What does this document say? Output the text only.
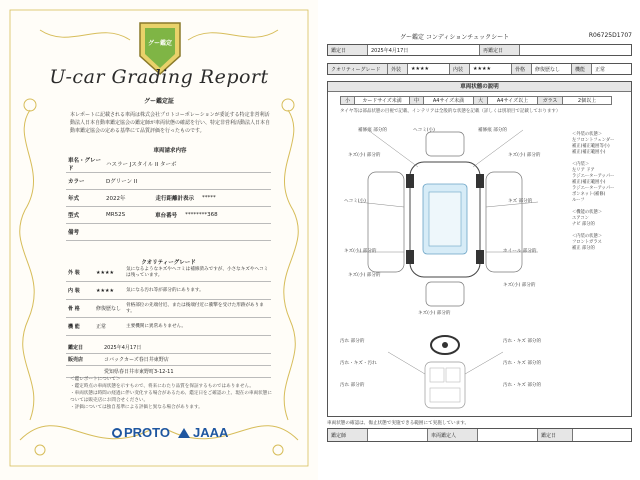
グー鑑定
U-car Grading Report
グー鑑定証
本レポートに記載される車両は株式会社プロトコーポレーションが委託する特定非営利活動法人日本自動車鑑定協会の鑑定師が車両状態の確認を行い、特定非営利活動法人日本自動車鑑定協会の定める基準にて品質評価を行ったものです。
車両請求内容
車名・グレード
ハスラー Jスタイル II ターボ
カラー	Dグリーン II
年式	2022年	走行距離計表示 *****
型式	MR52S	車台番号 ********368
備考
クオリティーグレード
外 装	★★★★
気になるようなキズやヘコミは補修済みですが、小さなキズやヘコミは残っています。
内 装	★★★★	気になる汚れ等が部分的にあります。
骨 格	修復歴なし
骨格部位の先端付近、または後端付近に衝撃を受けた形跡があります。
機 能	正常	主要機関に異常ありません。
鑑定日	2025年4月17日
販売店	コバックカーズ春日井東野店
愛知県春日井市東野町3-12-11
＜鑑レポートについて＞
・鑑定時点の車両状態を示すもので、将来にわたり品質を保証するものではありません。
・車両状態は時間の経過に伴い変化する場合があるため、鑑定日をご確認の上、現在の車両状態については販売店にお問合せください。
・評価については独自基準による評価と異なる場合があります。
PROTO	JAAA
グー鑑定 コンディションチェックシート	R06725D1707
鑑定日	2025年4月17日	再鑑定日
クオリティーグレード	外装	★★★★	内装	★★★★	骨格	修復歴なし	機能	正常
車両状態の説明
小	カードサイズ未満	中	A4サイズ未満	大	A4サイズ以上	ガラス	2個以上
タイヤ等は部品状態の目視で記載、インテリアは全般的な状態を記載（詳しくは別項目で記載しております）
補修痕 部分的	ヘコミ(小)	補修痕 部分的
キズ(小) 部分的	キズ(小) 部分的
ヘコミ(小)	キズ 部分的
キズ(小) 部分的	ホイール 部分的
キズ(小) 部分的
キズ(小) 部分的
キズ(小) 部分的
汚れ 部分的	汚れ・キズ 部分的
汚れ・キズ・汚れ	汚れ・キズ 部分的
汚れ 部分的	汚れ・キズ 部分的
＜外装の状態＞
左フロントフェンダー
補正(補正範囲等小)
補正(補正範囲小)

＜内装＞
左リア ドア
ラジエーターアッパー
補正(補正範囲小)
ラジエーターアッパー
ボンネット(補修)
ルーフ

＜機能の状態＞
エアコン
ナビ 部分的

＜内装の状態＞
フロントガラス
補正 部分的
車両状態の確認は、傷止状態で実施できる範囲にて実施しています。
鑑定師	車両鑑定人	鑑定日
